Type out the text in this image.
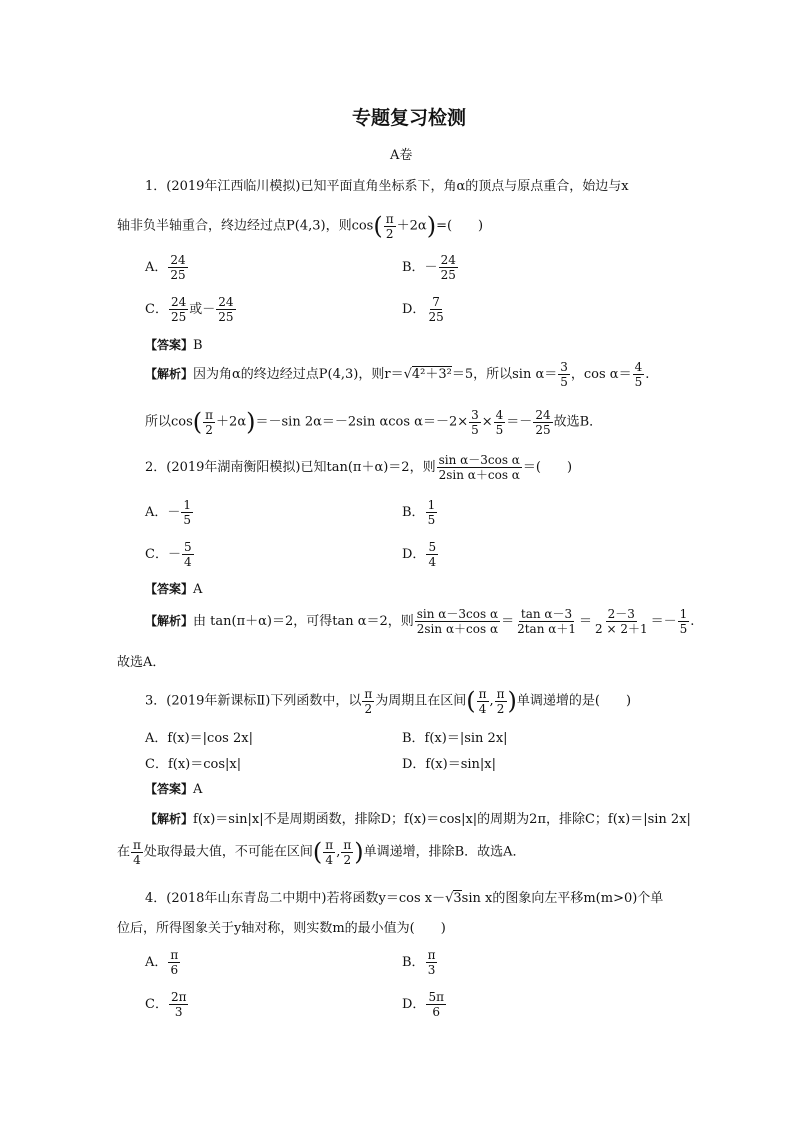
专题复习检测
A卷
1．(2019年江西临川模拟)已知平面直角坐标系下，角α的顶点与原点重合，始边与x
轴非负半轴重合，终边经过点P(4,3)，则$\cos( \frac{\pi}{2} +2\alpha)=$(　　)
A． $\frac{24}{25}$	B．－ $\frac{24}{25}$
C． $\frac{24}{25}$ 或－ $\frac{24}{25}$	D． $\frac{7}{25}$
【答案】B
【解析】因为角α的终边经过点P(4,3)，则r＝√4²＋3²＝5，所以$\sin \alpha= \frac{3}{5}$ ，$\cos \alpha= \frac{4}{5}$ .
所以$\cos( \frac{\pi}{2} +2\alpha)=-\sin$ 2α＝－2sin αcos $\alpha=-2\times \frac{3}{5} \times \frac{4}{5} =- \frac{24}{25}$ 故选B．
2．(2019年湖南衡阳模拟)已知tan(π＋α)＝2，则 $\frac{\text{sin α－3cos α}}{\text{2sin α＋cos α}}$ ＝(　　)
A．－ $\frac{1}{5}$	B． $\frac{1}{5}$
C．－ $\frac{5}{4}$	D． $\frac{5}{4}$
【答案】A
【解析】由 tan(π＋α)＝2，可得tan α＝2，则 $\frac{\text{sin α－3cos α}}{\text{2sin α＋cos α}} = \frac{\text{tan α－3}}{\text{2tan α＋1}} = \frac{2-3}{2 \times 2+1} =- \frac{1}{5}$ .
故选A．
3．(2019年新课标Ⅱ)下列函数中，以 $\frac{\pi}{2}$ 为周期且在区间( $\frac{\pi}{4}$ , $\frac{\pi}{2}$ )单调递增的是(　　)
A．f(x)＝|cos 2x|	B．f(x)＝|sin 2x|
C．f(x)＝cos|x|	D．f(x)＝sin|x|
【答案】A
【解析】f(x)＝sin|x|不是周期函数，排除D；f(x)＝cos|x|的周期为2π，排除C；f(x)＝|sin 2x|
在 $\frac{\pi}{4}$ 处取得最大值，不可能在区间( $\frac{\pi}{4}$ , $\frac{\pi}{2}$ )单调递增，排除B．故选A．
4．(2018年山东青岛二中期中)若将函数y＝cos x－√3sin x的图象向左平移m(m>0)个单
位后，所得图象关于y轴对称，则实数m的最小值为(　　)
A． $\frac{\pi}{6}$	B． $\frac{\pi}{3}$
C． $\frac{2\pi}{3}$	D． $\frac{5\pi}{6}$
